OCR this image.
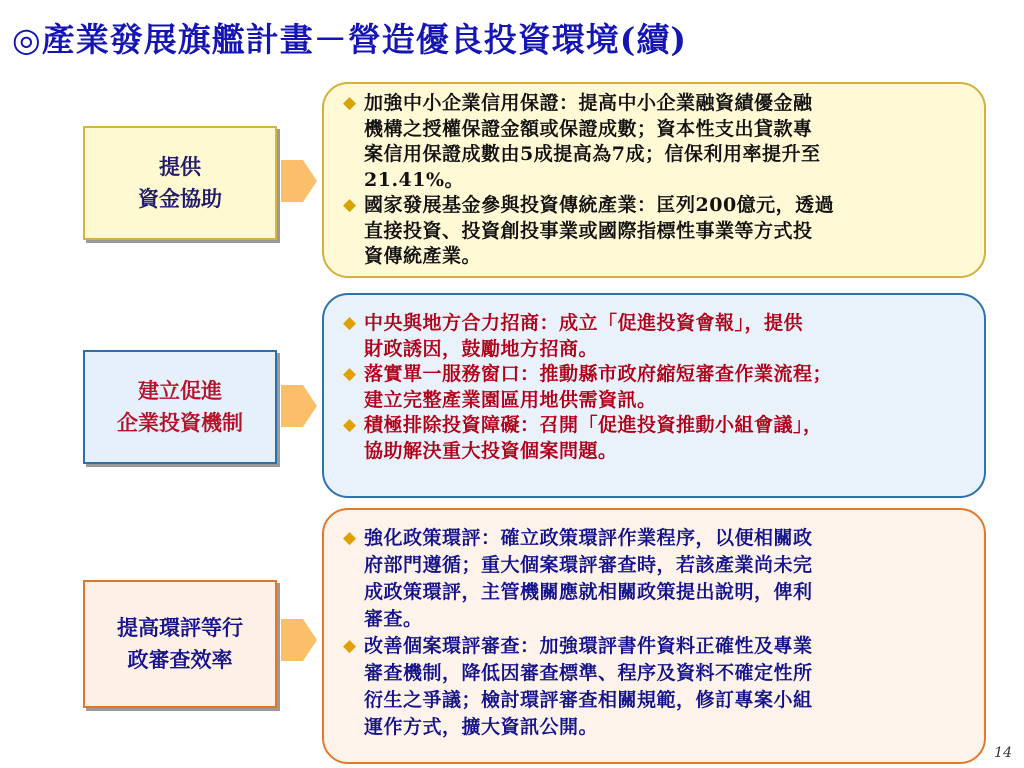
◎產業發展旗艦計畫－營造優良投資環境(續)
提供
資金協助

◆ 加強中小企業信用保證：提高中小企業融資績優金融
機構之授權保證金額或保證成數；資本性支出貸款專
案信用保證成數由5成提高為7成；信保利用率提升至
21.41%。

◆ 國家發展基金參與投資傳統產業：匡列200億元，透過
直接投資、投資創投事業或國際指標性事業等方式投
資傳統產業。

建立促進
企業投資機制

◆ 中央與地方合力招商：成立「促進投資會報」，提供
財政誘因，鼓勵地方招商。

◆ 落實單一服務窗口：推動縣市政府縮短審查作業流程；
建立完整產業園區用地供需資訊。

◆ 積極排除投資障礙：召開「促進投資推動小組會議」，
協助解決重大投資個案問題。

提高環評等行
政審查效率

◆ 強化政策環評：確立政策環評作業程序，以便相關政
府部門遵循；重大個案環評審查時，若該產業尚未完
成政策環評，主管機關應就相關政策提出說明，俾利
審查。

◆ 改善個案環評審查：加強環評書件資料正確性及專業
審查機制，降低因審查標準、程序及資料不確定性所
衍生之爭議；檢討環評審查相關規範，修訂專案小組
運作方式，擴大資訊公開。

14
